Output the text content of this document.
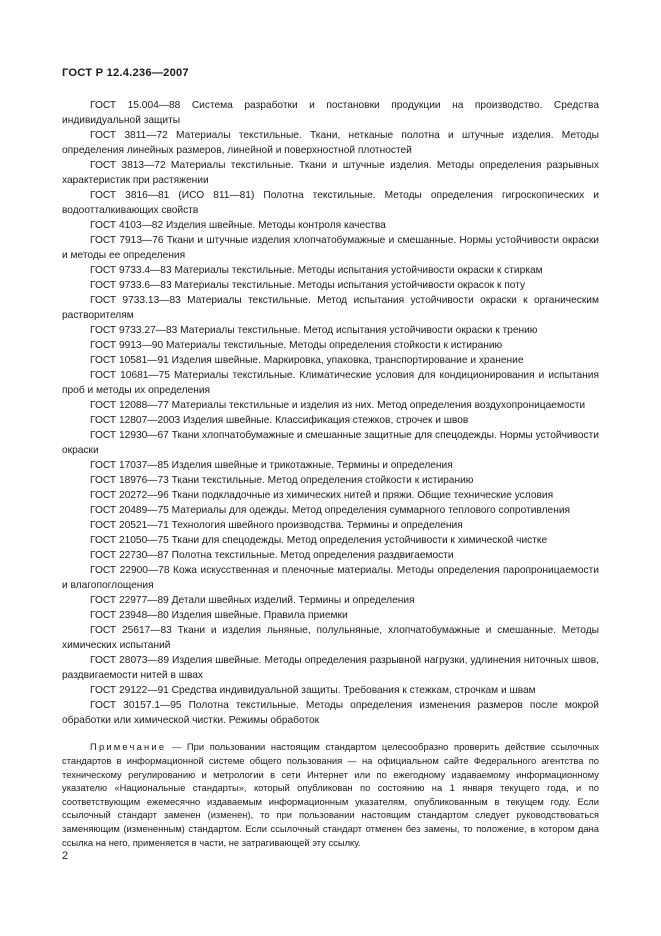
ГОСТ Р 12.4.236—2007

ГОСТ 15.004—88 Система разработки и постановки продукции на производство. Средства индивидуальной защиты

ГОСТ 3811—72 Материалы текстильные. Ткани, нетканые полотна и штучные изделия. Методы определения линейных размеров, линейной и поверхностной плотностей

ГОСТ 3813—72 Материалы текстильные. Ткани и штучные изделия. Методы определения разрывных характеристик при растяжении

ГОСТ 3816—81 (ИСО 811—81) Полотна текстильные. Методы определения гигроскопических и водоотталкивающих свойств

ГОСТ 4103—82 Изделия швейные. Методы контроля качества

ГОСТ 7913—76 Ткани и штучные изделия хлопчатобумажные и смешанные. Нормы устойчивости окраски и методы ее определения

ГОСТ 9733.4—83 Материалы текстильные. Методы испытания устойчивости окраски к стиркам

ГОСТ 9733.6—83 Материалы текстильные. Методы испытания устойчивости окрасок к поту

ГОСТ 9733.13—83 Материалы текстильные. Метод испытания устойчивости окраски к органическим растворителям

ГОСТ 9733.27—83 Материалы текстильные. Метод испытания устойчивости окраски к трению

ГОСТ 9913—90 Материалы текстильные. Методы определения стойкости к истиранию

ГОСТ 10581—91 Изделия швейные. Маркировка, упаковка, транспортирование и хранение

ГОСТ 10681—75 Материалы текстильные. Климатические условия для кондиционирования и испытания проб и методы их определения

ГОСТ 12088—77 Материалы текстильные и изделия из них. Метод определения воздухопроницаемости

ГОСТ 12807—2003 Изделия швейные. Классификация стежков, строчек и швов

ГОСТ 12930—67 Ткани хлопчатобумажные и смешанные защитные для спецодежды. Нормы устойчивости окраски

ГОСТ 17037—85 Изделия швейные и трикотажные. Термины и определения

ГОСТ 18976—73 Ткани текстильные. Метод определения стойкости к истиранию

ГОСТ 20272—96 Ткани подкладочные из химических нитей и пряжи. Общие технические условия

ГОСТ 20489—75 Материалы для одежды. Метод определения суммарного теплового сопротивления

ГОСТ 20521—71 Технология швейного производства. Термины и определения

ГОСТ 21050—75 Ткани для спецодежды. Метод определения устойчивости к химической чистке

ГОСТ 22730—87 Полотна текстильные. Метод определения раздвигаемости

ГОСТ 22900—78 Кожа искусственная и пленочные материалы. Методы определения паропроницаемости и влагопоглощения

ГОСТ 22977—89 Детали швейных изделий. Термины и определения

ГОСТ 23948—80 Изделия швейные. Правила приемки

ГОСТ 25617—83 Ткани и изделия льняные, полульняные, хлопчатобумажные и смешанные. Методы химических испытаний

ГОСТ 28073—89 Изделия швейные. Методы определения разрывной нагрузки, удлинения ниточных швов, раздвигаемости нитей в швах

ГОСТ 29122—91 Средства индивидуальной защиты. Требования к стежкам, строчкам и швам

ГОСТ 30157.1—95 Полотна текстильные. Методы определения изменения размеров после мокрой обработки или химической чистки. Режимы обработок

Примечание — При пользовании настоящим стандартом целесообразно проверить действие ссылочных стандартов в информационной системе общего пользования — на официальном сайте Федерального агентства по техническому регулированию и метрологии в сети Интернет или по ежегодному издаваемому информационному указателю «Национальные стандарты», который опубликован по состоянию на 1 января текущего года, и по соответствующим ежемесячно издаваемым информационным указателям, опубликованным в текущем году. Если ссылочный стандарт заменен (изменен), то при пользовании настоящим стандартом следует руководствоваться заменяющим (измененным) стандартом. Если ссылочный стандарт отменен без замены, то положение, в котором дана ссылка на него, применяется в части, не затрагивающей эту ссылку.

2
